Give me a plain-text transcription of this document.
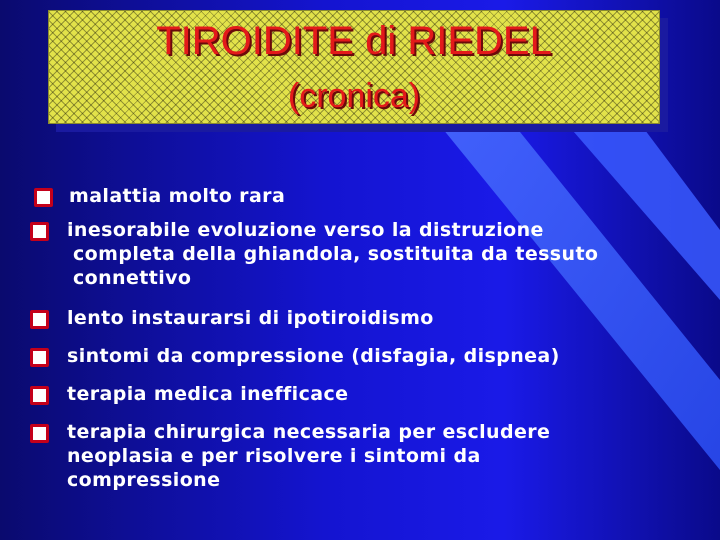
TIROIDITE di RIEDEL
(cronica)
malattia molto rara
inesorabile evoluzione verso la distruzione
completa della ghiandola, sostituita da tessuto
connettivo
lento instaurarsi di ipotiroidismo
sintomi da compressione (disfagia, dispnea)
terapia medica inefficace
terapia chirurgica necessaria per escludere
neoplasia e per risolvere i sintomi da
compressione
